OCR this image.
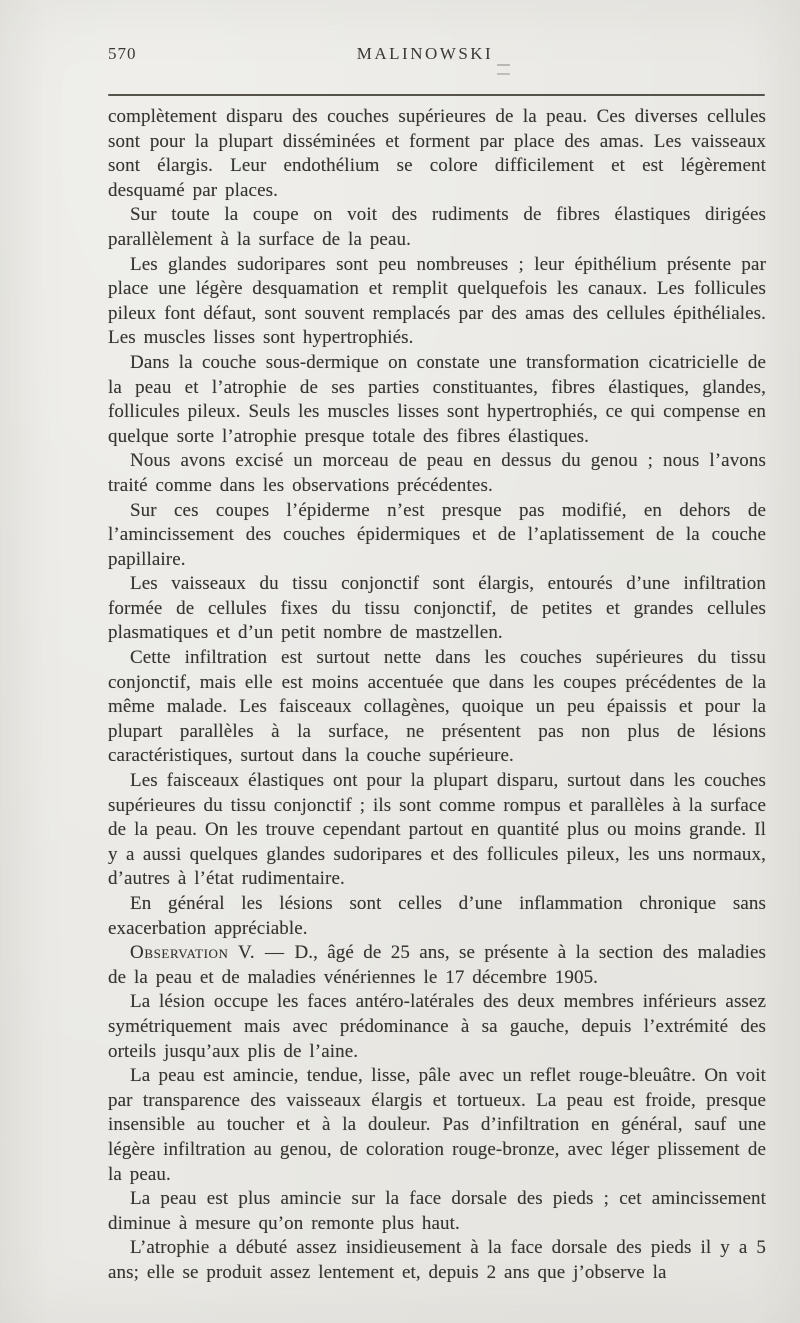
570	MALINOWSKI

complètement disparu des couches supérieures de la peau. Ces diverses cellules sont pour la plupart disséminées et forment par place des amas. Les vaisseaux sont élargis. Leur endothélium se colore difficilement et est légèrement desquamé par places.

Sur toute la coupe on voit des rudiments de fibres élastiques dirigées parallèlement à la surface de la peau.

Les glandes sudoripares sont peu nombreuses ; leur épithélium présente par place une légère desquamation et remplit quelquefois les canaux. Les follicules pileux font défaut, sont souvent remplacés par des amas des cellules épithéliales. Les muscles lisses sont hypertrophiés.

Dans la couche sous-dermique on constate une transformation cicatricielle de la peau et l’atrophie de ses parties constituantes, fibres élastiques, glandes, follicules pileux. Seuls les muscles lisses sont hypertrophiés, ce qui compense en quelque sorte l’atrophie presque totale des fibres élastiques.

Nous avons excisé un morceau de peau en dessus du genou ; nous l’avons traité comme dans les observations précédentes.

Sur ces coupes l’épiderme n’est presque pas modifié, en dehors de l’amincissement des couches épidermiques et de l’aplatissement de la couche papillaire.

Les vaisseaux du tissu conjonctif sont élargis, entourés d’une infiltration formée de cellules fixes du tissu conjonctif, de petites et grandes cellules plasmatiques et d’un petit nombre de mastzellen.

Cette infiltration est surtout nette dans les couches supérieures du tissu conjonctif, mais elle est moins accentuée que dans les coupes précédentes de la même malade. Les faisceaux collagènes, quoique un peu épaissis et pour la plupart parallèles à la surface, ne présentent pas non plus de lésions caractéristiques, surtout dans la couche supérieure.

Les faisceaux élastiques ont pour la plupart disparu, surtout dans les couches supérieures du tissu conjonctif ; ils sont comme rompus et parallèles à la surface de la peau. On les trouve cependant partout en quantité plus ou moins grande. Il y a aussi quelques glandes sudoripares et des follicules pileux, les uns normaux, d’autres à l’état rudimentaire.

En général les lésions sont celles d’une inflammation chronique sans exacerbation appréciable.

Observation V. — D., âgé de 25 ans, se présente à la section des maladies de la peau et de maladies vénériennes le 17 décembre 1905.

La lésion occupe les faces antéro-latérales des deux membres inférieurs assez symétriquement mais avec prédominance à sa gauche, depuis l’extrémité des orteils jusqu’aux plis de l’aine.

La peau est amincie, tendue, lisse, pâle avec un reflet rouge-bleuâtre. On voit par transparence des vaisseaux élargis et tortueux. La peau est froide, presque insensible au toucher et à la douleur. Pas d’infiltration en général, sauf une légère infiltration au genou, de coloration rouge-bronze, avec léger plissement de la peau.

La peau est plus amincie sur la face dorsale des pieds ; cet amincissement diminue à mesure qu’on remonte plus haut.

L’atrophie a débuté assez insidieusement à la face dorsale des pieds il y a 5 ans; elle se produit assez lentement et, depuis 2 ans que j’observe la
